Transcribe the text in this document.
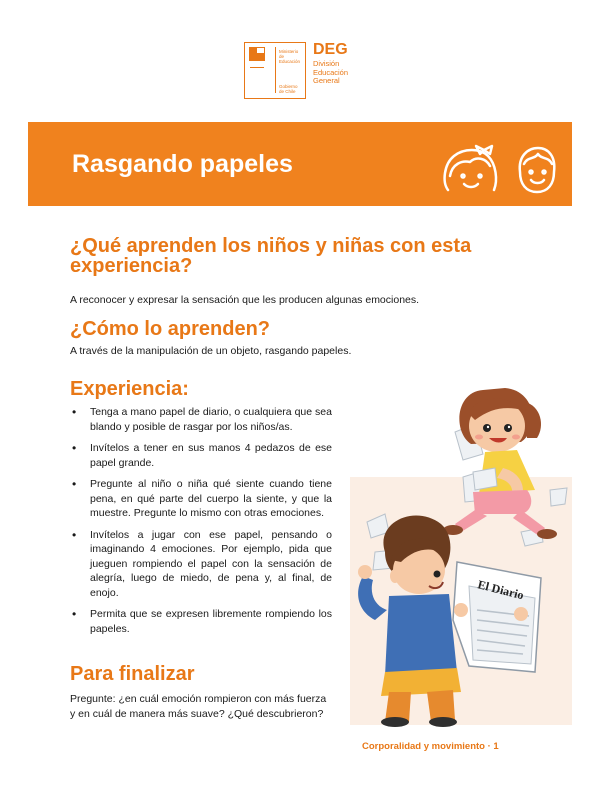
Ministerio de Educación
Gobierno de Chile
DEG
División
Educación
General
Rasgando papeles
¿Qué aprenden los niños y niñas con esta experiencia?
A reconocer y expresar la sensación que les producen algunas emociones.
¿Cómo lo aprenden?
A través de la manipulación de un objeto, rasgando papeles.
Experiencia:
• Tenga a mano papel de diario, o cualquiera que sea blando y posible de rasgar por los niños/as.
• Invítelos a tener en sus manos 4 pedazos de ese papel grande.
• Pregunte al niño o niña qué siente cuando tiene pena, en qué parte del cuerpo la siente, y que la muestre. Pregunte lo mismo con otras emociones.
• Invítelos a jugar con ese papel, pensando o imaginando 4 emociones. Por ejemplo, pida que jueguen rompiendo el papel con la sensación de alegría, luego de miedo, de pena y, al final, de enojo.
• Permita que se expresen libremente rompiendo los papeles.
Para finalizar
Pregunte: ¿en cuál emoción rompieron con más fuerza y en cuál de manera más suave? ¿Qué descubrieron?
El Diario
Corporalidad y movimiento · 1
